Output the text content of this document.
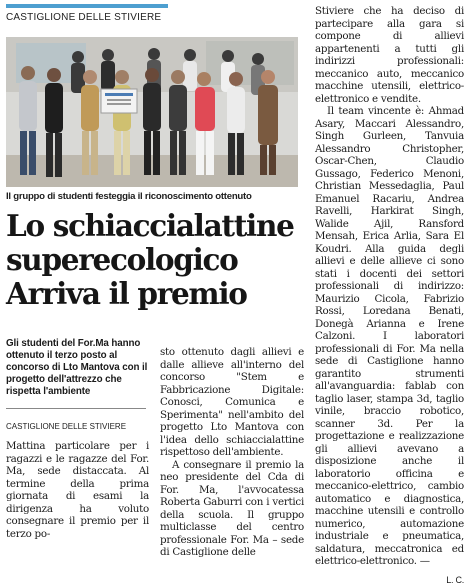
CASTIGLIONE DELLE STIVIERE
Il gruppo di studenti festeggia il riconoscimento ottenuto
Lo schiaccialattine
superecologico
Arriva il premio
Gli studenti del For.Ma hanno ottenuto il terzo posto al concorso di Lto Mantova con il progetto dell'attrezzo che rispetta l'ambiente
CASTIGLIONE DELLE STIVIERE

Mattina particolare per i ragazzi e le ragazze del For. Ma, sede distaccata. Al termine della prima giornata di esami la dirigenza ha voluto consegnare il premio per il terzo po-

sto ottenuto dagli allievi e dalle allieve all'interno del concorso "Stem e Fabbricazione Digitale: Conosci, Comunica e Sperimenta" nell'ambito del progetto Lto Mantova con l'idea dello schiaccialattine rispettoso dell'ambiente.

A consegnare il premio la neo presidente del Cda di For. Ma, l'avvocatessa Roberta Gaburri con i vertici della scuola. Il gruppo multiclasse del centro professionale For. Ma – sede di Castiglione delle

Stiviere che ha deciso di partecipare alla gara si compone di allievi appartenenti a tutti gli indirizzi professionali: meccanico auto, meccanico macchine utensili, elettrico-elettronico e vendite.

Il team vincente è: Ahmad Asary, Maccari Alessandro, Singh Gurleen, Tanvuia Alessandro Christopher, Oscar-Chen, Claudio Gussago, Federico Menoni, Christian Messedaglia, Paul Emanuel Racariu, Andrea Ravelli, Harkirat Singh, Walide Ajil, Ransford Mensah, Erica Arlia, Sara El Koudri. Alla guida degli allievi e delle allieve ci sono stati i docenti dei settori professionali di indirizzo: Maurizio Cicola, Fabrizio Rossi, Loredana Benati, Donegà Arianna e Irene Calzoni. I laboratori professionali di For. Ma nella sede di Castiglione hanno garantito strumenti all'avanguardia: fablab con taglio laser, stampa 3d, taglio vinile, braccio robotico, scanner 3d. Per la progettazione e realizzazione gli allievi avevano a disposizione anche il laboratorio officina e meccanico-elettrico, cambio automatico e diagnostica, macchine utensili e controllo numerico, automazione industriale e pneumatica, saldatura, meccatronica ed elettrico-elettronico. —

L. C.
